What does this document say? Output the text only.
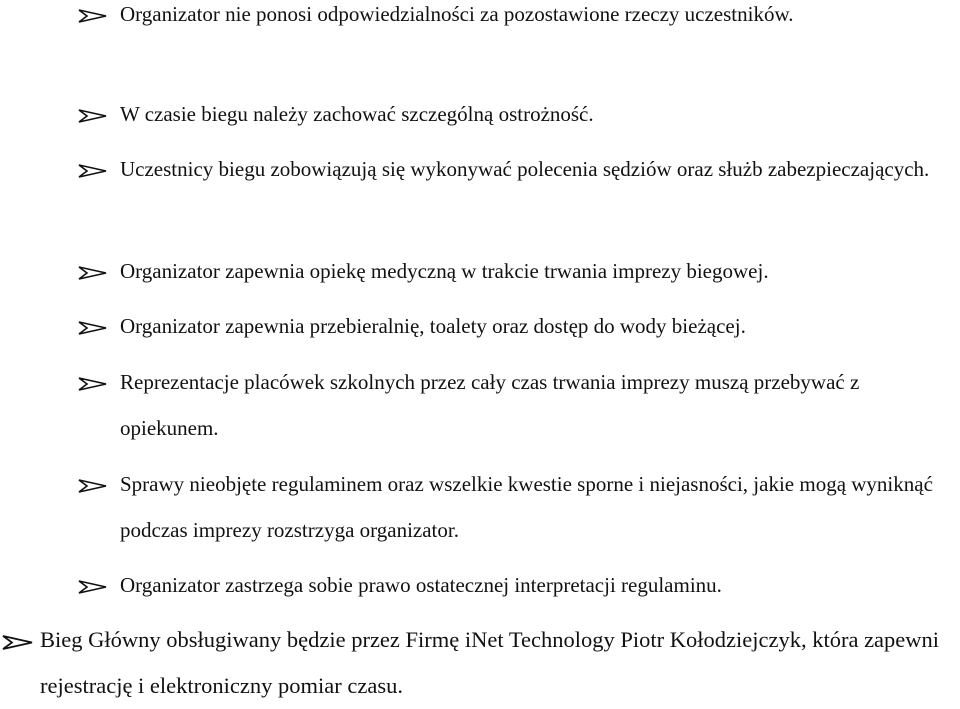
Organizator nie ponosi odpowiedzialności za pozostawione rzeczy uczestników.
W czasie biegu należy zachować szczególną ostrożność.
Uczestnicy biegu zobowiązują się wykonywać polecenia sędziów oraz służb zabezpieczających.
Organizator zapewnia opiekę medyczną w trakcie trwania imprezy biegowej.
Organizator zapewnia przebieralnię, toalety oraz dostęp do wody bieżącej.
Reprezentacje placówek szkolnych przez cały czas trwania imprezy muszą przebywać z opiekunem.
Sprawy nieobjęte regulaminem oraz wszelkie kwestie sporne i niejasności, jakie mogą wyniknąć podczas imprezy rozstrzyga organizator.
Organizator zastrzega sobie prawo ostatecznej interpretacji regulaminu.
Bieg Główny obsługiwany będzie przez Firmę iNet Technology Piotr Kołodziejczyk, która zapewni rejestrację i elektroniczny pomiar czasu.
